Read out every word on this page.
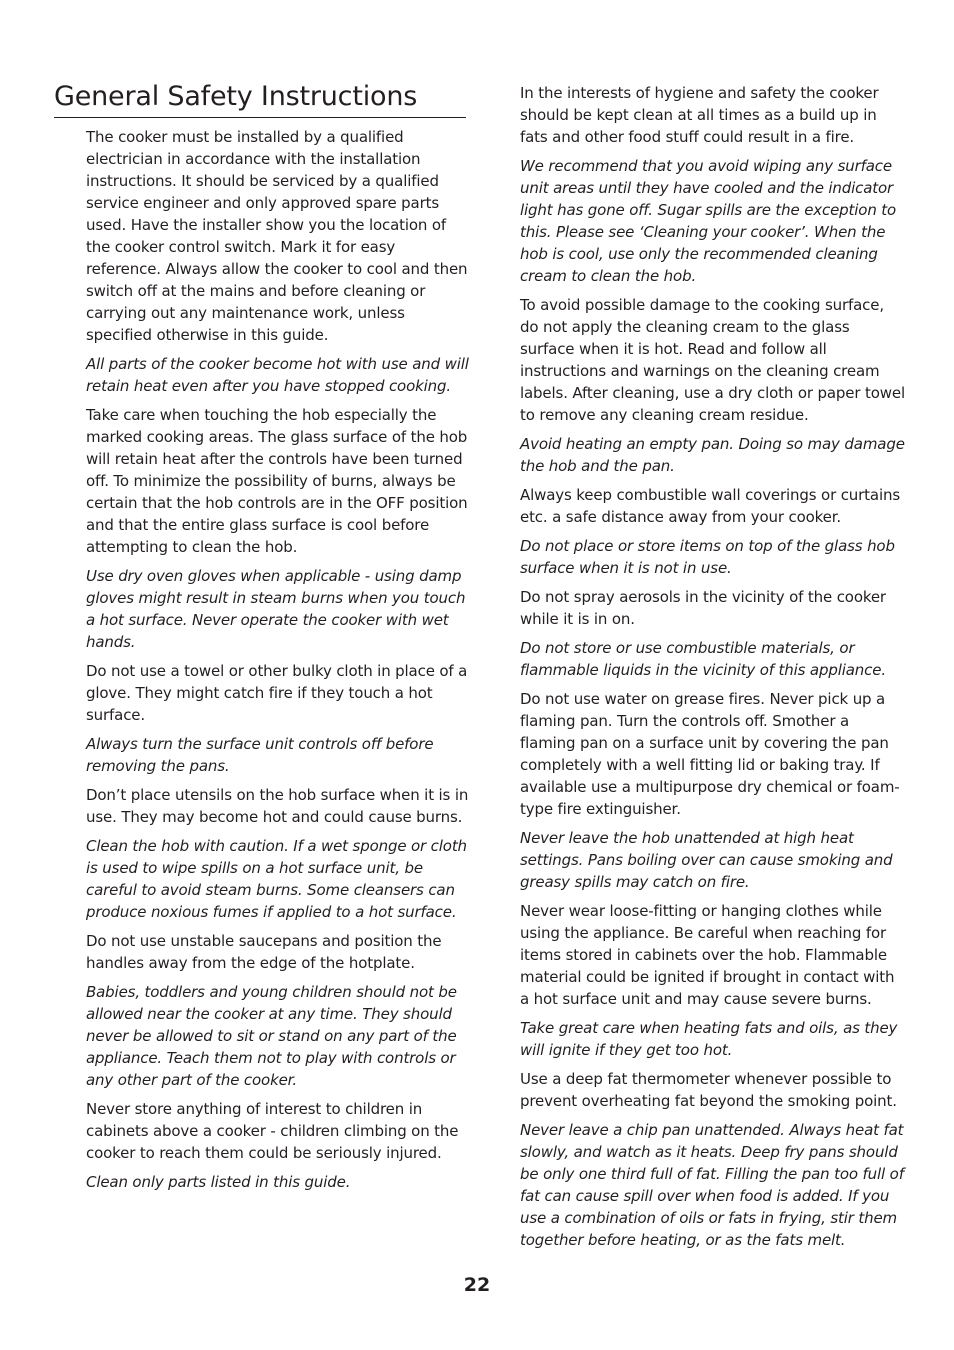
General Safety Instructions

The cooker must be installed by a qualified electrician in accordance with the installation instructions. It should be serviced by a qualified service engineer and only approved spare parts used. Have the installer show you the location of the cooker control switch. Mark it for easy reference. Always allow the cooker to cool and then switch off at the mains and before cleaning or carrying out any maintenance work, unless specified otherwise in this guide.

All parts of the cooker become hot with use and will retain heat even after you have stopped cooking.

Take care when touching the hob especially the marked cooking areas. The glass surface of the hob will retain heat after the controls have been turned off. To minimize the possibility of burns, always be certain that the hob controls are in the OFF position and that the entire glass surface is cool before attempting to clean the hob.

Use dry oven gloves when applicable - using damp gloves might result in steam burns when you touch a hot surface. Never operate the cooker with wet hands.

Do not use a towel or other bulky cloth in place of a glove. They might catch fire if they touch a hot surface.

Always turn the surface unit controls off before removing the pans.

Don’t place utensils on the hob surface when it is in use. They may become hot and could cause burns.

Clean the hob with caution. If a wet sponge or cloth is used to wipe spills on a hot surface unit, be careful to avoid steam burns. Some cleansers can produce noxious fumes if applied to a hot surface.

Do not use unstable saucepans and position the handles away from the edge of the hotplate.

Babies, toddlers and young children should not be allowed near the cooker at any time. They should never be allowed to sit or stand on any part of the appliance. Teach them not to play with controls or any other part of the cooker.

Never store anything of interest to children in cabinets above a cooker - children climbing on the cooker to reach them could be seriously injured.

Clean only parts listed in this guide.

In the interests of hygiene and safety the cooker should be kept clean at all times as a build up in fats and other food stuff could result in a fire.

We recommend that you avoid wiping any surface unit areas until they have cooled and the indicator light has gone off. Sugar spills are the exception to this. Please see ‘Cleaning your cooker’. When the hob is cool, use only the recommended cleaning cream to clean the hob.

To avoid possible damage to the cooking surface, do not apply the cleaning cream to the glass surface when it is hot. Read and follow all instructions and warnings on the cleaning cream labels. After cleaning, use a dry cloth or paper towel to remove any cleaning cream residue.

Avoid heating an empty pan. Doing so may damage the hob and the pan.

Always keep combustible wall coverings or curtains etc. a safe distance away from your cooker.

Do not place or store items on top of the glass hob surface when it is not in use.

Do not spray aerosols in the vicinity of the cooker while it is in on.

Do not store or use combustible materials, or flammable liquids in the vicinity of this appliance.

Do not use water on grease fires. Never pick up a flaming pan. Turn the controls off. Smother a flaming pan on a surface unit by covering the pan completely with a well fitting lid or baking tray. If available use a multipurpose dry chemical or foam-type fire extinguisher.

Never leave the hob unattended at high heat settings. Pans boiling over can cause smoking and greasy spills may catch on fire.

Never wear loose-fitting or hanging clothes while using the appliance. Be careful when reaching for items stored in cabinets over the hob. Flammable material could be ignited if brought in contact with a hot surface unit and may cause severe burns.

Take great care when heating fats and oils, as they will ignite if they get too hot.

Use a deep fat thermometer whenever possible to prevent overheating fat beyond the smoking point.

Never leave a chip pan unattended. Always heat fat slowly, and watch as it heats. Deep fry pans should be only one third full of fat. Filling the pan too full of fat can cause spill over when food is added. If you use a combination of oils or fats in frying, stir them together before heating, or as the fats melt.

22
